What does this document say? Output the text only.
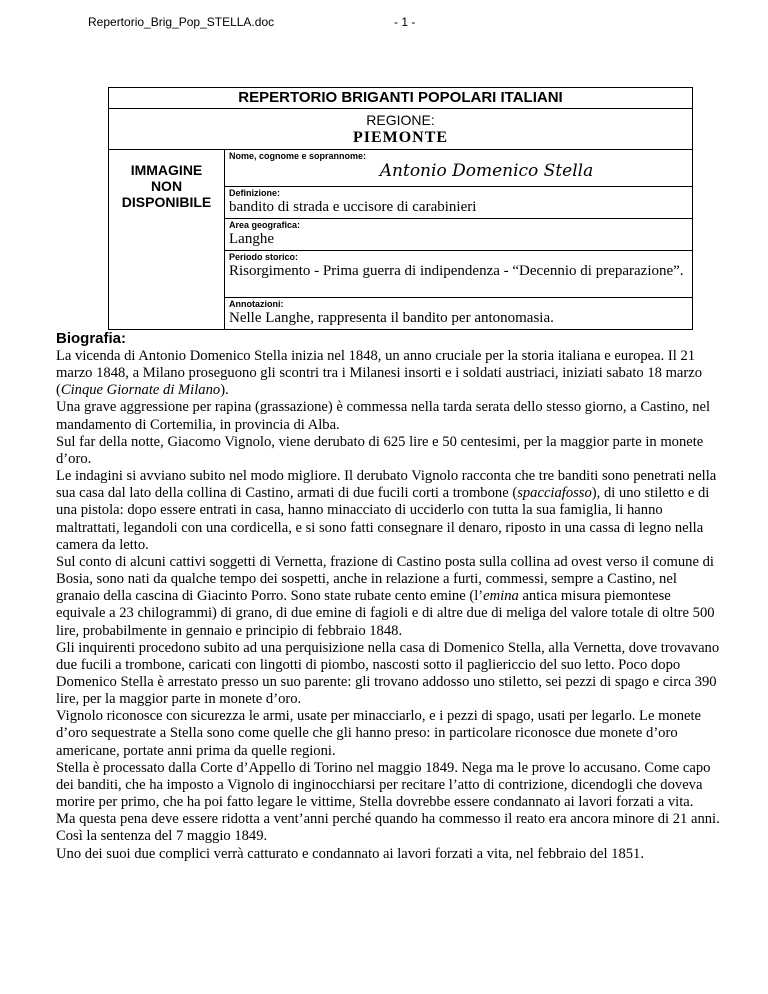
Repertorio_Brig_Pop_STELLA.doc	- 1 -
REPERTORIO BRIGANTI POPOLARI ITALIANI

REGIONE:
PIEMONTE

IMMAGINE
NON
DISPONIBILE

Nome, cognome e soprannome:
Antonio Domenico Stella

Definizione:
bandito di strada e uccisore di carabinieri

Area geografica:
Langhe

Periodo storico:
Risorgimento - Prima guerra di indipendenza - “Decennio di preparazione”.

Annotazioni:
Nelle Langhe, rappresenta il bandito per antonomasia.
Biografia:

La vicenda di Antonio Domenico Stella inizia nel 1848, un anno cruciale per la storia italiana e europea. Il 21 marzo 1848, a Milano proseguono gli scontri tra i Milanesi insorti e i soldati austriaci, iniziati sabato 18 marzo (Cinque Giornate di Milano).

Una grave aggressione per rapina (grassazione) è commessa nella tarda serata dello stesso giorno, a Castino, nel mandamento di Cortemilia, in provincia di Alba.

Sul far della notte, Giacomo Vignolo, viene derubato di 625 lire e 50 centesimi, per la maggior parte in monete d’oro.

Le indagini si avviano subito nel modo migliore. Il derubato Vignolo racconta che tre banditi sono penetrati nella sua casa dal lato della collina di Castino, armati di due fucili corti a trombone (spacciafosso), di uno stiletto e di una pistola: dopo essere entrati in casa, hanno minacciato di ucciderlo con tutta la sua famiglia, li hanno maltrattati, legandoli con una cordicella, e si sono fatti consegnare il denaro, riposto in una cassa di legno nella camera da letto.

Sul conto di alcuni cattivi soggetti di Vernetta, frazione di Castino posta sulla collina ad ovest verso il comune di Bosia, sono nati da qualche tempo dei sospetti, anche in relazione a furti, commessi, sempre a Castino, nel granaio della cascina di Giacinto Porro. Sono state rubate cento emine (l’emina antica misura piemontese equivale a 23 chilogrammi) di grano, di due emine di fagioli e di altre due di meliga del valore totale di oltre 500 lire, probabilmente in gennaio e principio di febbraio 1848.

Gli inquirenti procedono subito ad una perquisizione nella casa di Domenico Stella, alla Vernetta, dove trovavano due fucili a trombone, caricati con lingotti di piombo, nascosti sotto il pagliericcio del suo letto. Poco dopo Domenico Stella è arrestato presso un suo parente: gli trovano addosso uno stiletto, sei pezzi di spago e circa 390 lire, per la maggior parte in monete d’oro.

Vignolo riconosce con sicurezza le armi, usate per minacciarlo, e i pezzi di spago, usati per legarlo. Le monete d’oro sequestrate a Stella sono come quelle che gli hanno preso: in particolare riconosce due monete d’oro americane, portate anni prima da quelle regioni.

Stella è processato dalla Corte d’Appello di Torino nel maggio 1849. Nega ma le prove lo accusano. Come capo dei banditi, che ha imposto a Vignolo di inginocchiarsi per recitare l’atto di contrizione, dicendogli che doveva morire per primo, che ha poi fatto legare le vittime, Stella dovrebbe essere condannato ai lavori forzati a vita.

Ma questa pena deve essere ridotta a vent’anni perché quando ha commesso il reato era ancora minore di 21 anni. Così la sentenza del 7 maggio 1849.

Uno dei suoi due complici verrà catturato e condannato ai lavori forzati a vita, nel febbraio del 1851.
